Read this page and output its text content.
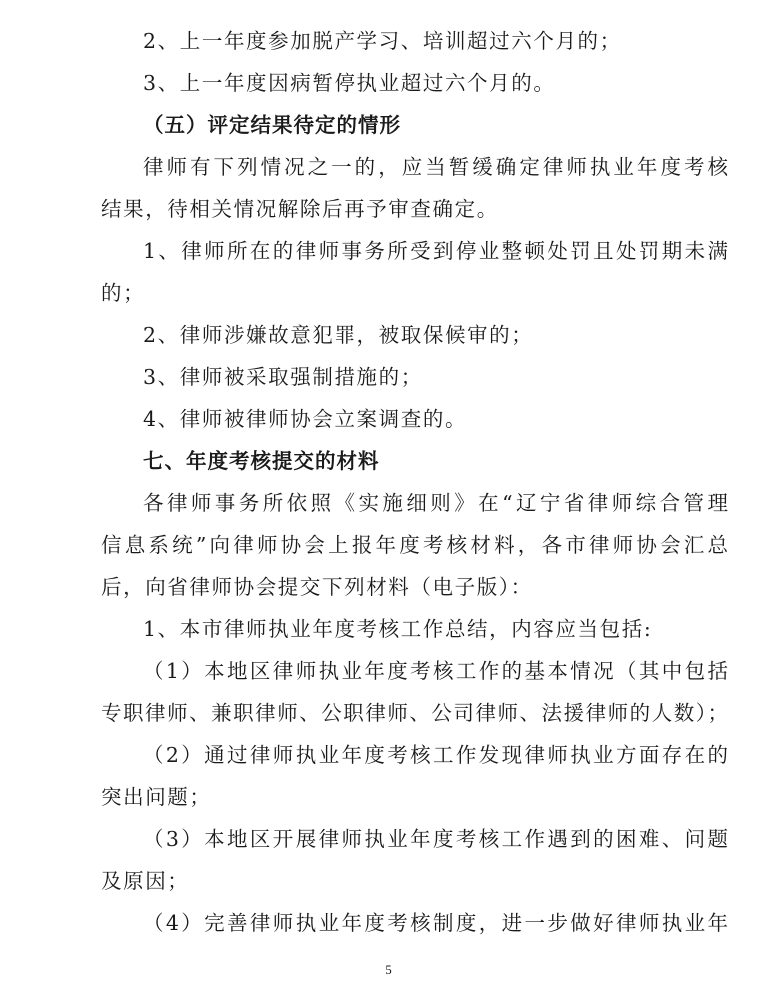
2、上一年度参加脱产学习、培训超过六个月的；
3、上一年度因病暂停执业超过六个月的。
（五）评定结果待定的情形
律师有下列情况之一的，应当暂缓确定律师执业年度考核
结果，待相关情况解除后再予审查确定。
1、律师所在的律师事务所受到停业整顿处罚且处罚期未满
的；
2、律师涉嫌故意犯罪，被取保候审的；
3、律师被采取强制措施的；
4、律师被律师协会立案调查的。
七、年度考核提交的材料
各律师事务所依照《实施细则》在“辽宁省律师综合管理
信息系统”向律师协会上报年度考核材料，各市律师协会汇总
后，向省律师协会提交下列材料（电子版）：
1、本市律师执业年度考核工作总结，内容应当包括:
（1）本地区律师执业年度考核工作的基本情况（其中包括
专职律师、兼职律师、公职律师、公司律师、法援律师的人数）；
（2）通过律师执业年度考核工作发现律师执业方面存在的
突出问题；
（3）本地区开展律师执业年度考核工作遇到的困难、问题
及原因；
（4）完善律师执业年度考核制度，进一步做好律师执业年
5
